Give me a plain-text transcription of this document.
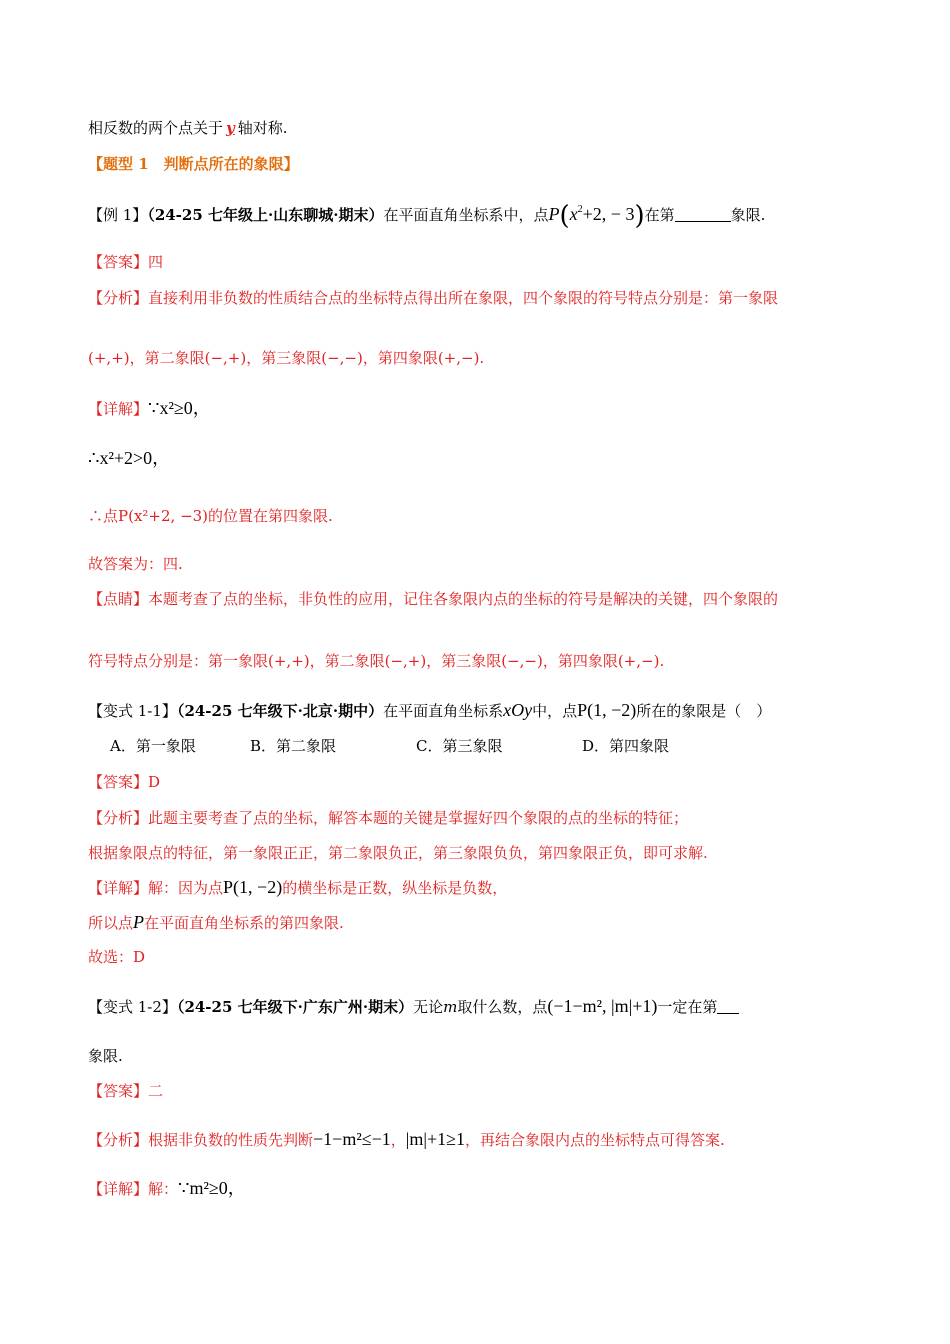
相反数的两个点关于 y 轴对称.
【题型 1　判断点所在的象限】
【例 1】（24-25 七年级上·山东聊城·期末）在平面直角坐标系中，点$P(x^2+2$, − 3)在第	象限.
【答案】四
【分析】直接利用非负数的性质结合点的坐标特点得出所在象限，四个象限的符号特点分别是：第一象限
(+,+)，第二象限(−,+)，第三象限(−,−)，第四象限(+,−).
【详解】∵x²≥0，
∴x²+2>0，
∴点P(x²+2, −3)的位置在第四象限.
故答案为：四.
【点睛】本题考查了点的坐标，非负性的应用，记住各象限内点的坐标的符号是解决的关键，四个象限的
符号特点分别是：第一象限(+,+)，第二象限(−,+)，第三象限(−,−)，第四象限(+,−).
【变式 1-1】（24-25 七年级下·北京·期中）在平面直角坐标系xOy中，点P(1, −2)所在的象限是（　）
A．第一象限	B．第二象限	C．第三象限	D．第四象限
【答案】D
【分析】此题主要考查了点的坐标，解答本题的关键是掌握好四个象限的点的坐标的特征；
根据象限点的特征，第一象限正正，第二象限负正，第三象限负负，第四象限正负，即可求解.
【详解】解：因为点P(1, −2)的横坐标是正数，纵坐标是负数，
所以点P在平面直角坐标系的第四象限.
故选：D
【变式 1-2】（24-25 七年级下·广东广州·期末）无论m取什么数，点(−1−m², |m|+1)一定在第
象限.
【答案】二
【分析】根据非负数的性质先判断−1−m²≤−1，|m|+1≥1，再结合象限内点的坐标特点可得答案.
【详解】解：∵m²≥0，
